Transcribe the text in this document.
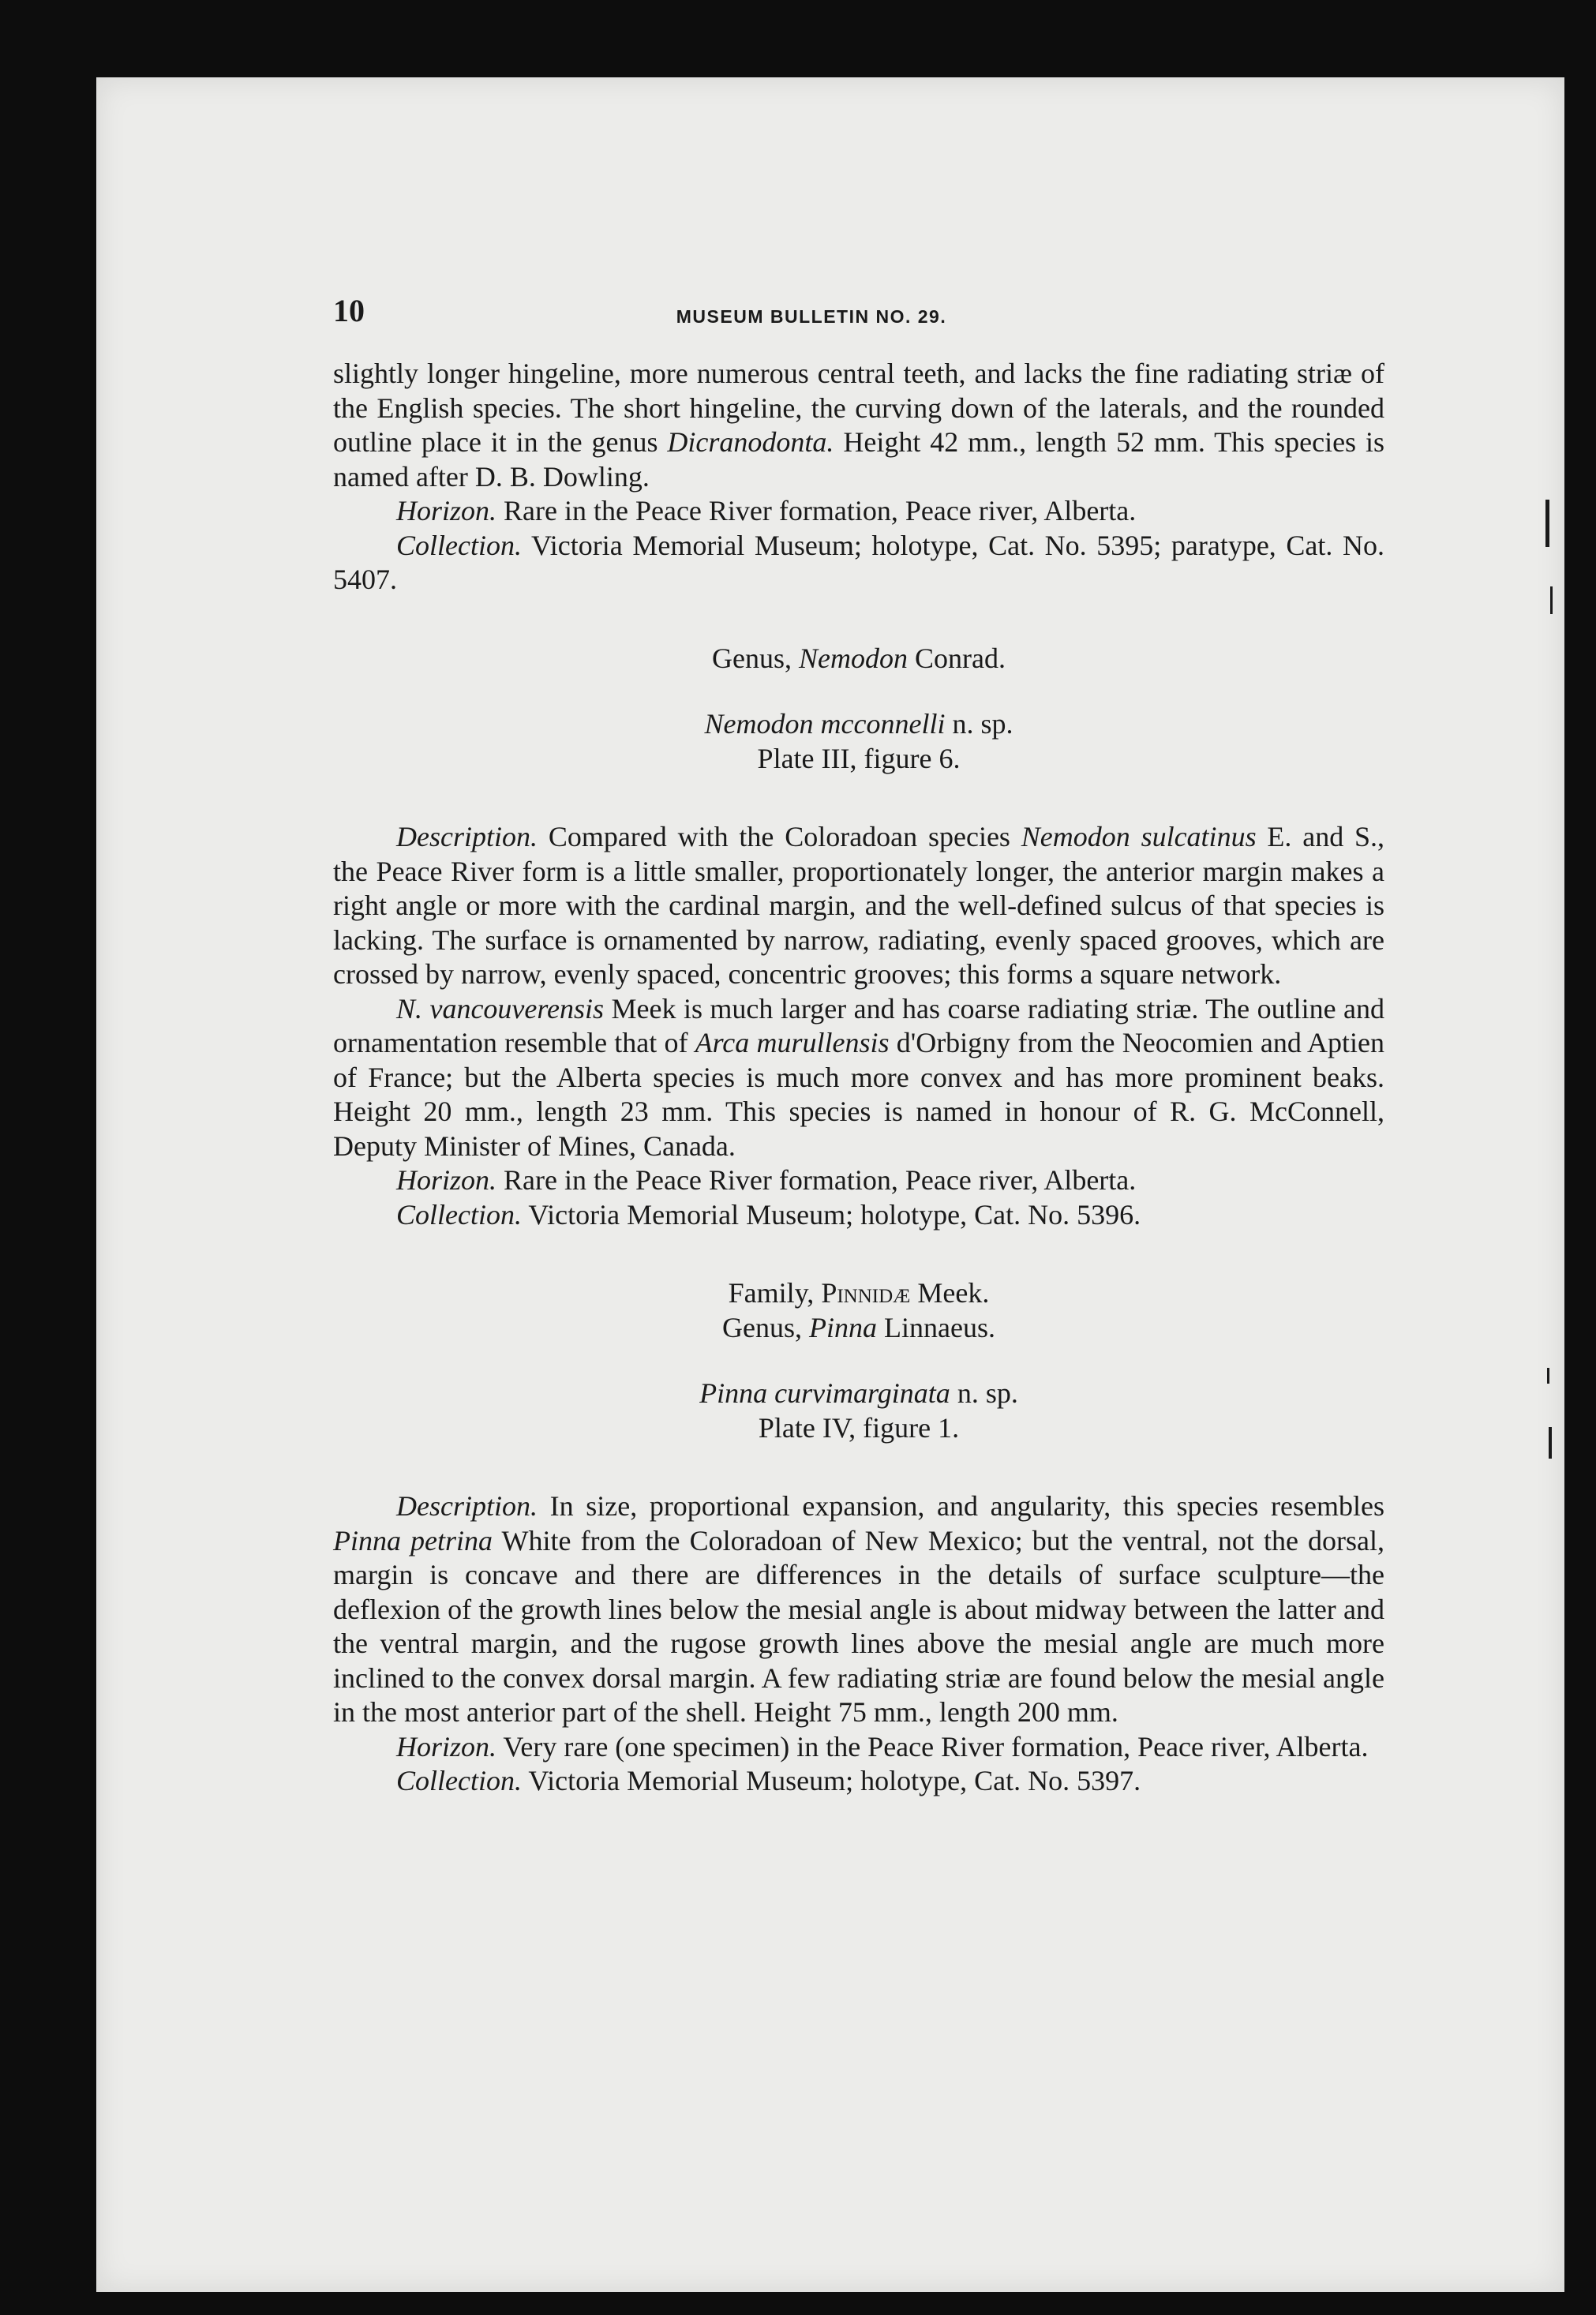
10	MUSEUM BULLETIN NO. 29.

slightly longer hingeline, more numerous central teeth, and lacks the fine radiating striæ of the English species. The short hingeline, the curving down of the laterals, and the rounded outline place it in the genus Dicranodonta. Height 42 mm., length 52 mm. This species is named after D. B. Dowling.

Horizon. Rare in the Peace River formation, Peace river, Alberta.

Collection. Victoria Memorial Museum; holotype, Cat. No. 5395; paratype, Cat. No. 5407.

Genus, Nemodon Conrad.

Nemodon mcconnelli n. sp.

Plate III, figure 6.

Description. Compared with the Coloradoan species Nemodon sulcatinus E. and S., the Peace River form is a little smaller, proportionately longer, the anterior margin makes a right angle or more with the cardinal margin, and the well-defined sulcus of that species is lacking. The surface is ornamented by narrow, radiating, evenly spaced grooves, which are crossed by narrow, evenly spaced, concentric grooves; this forms a square network.

N. vancouverensis Meek is much larger and has coarse radiating striæ. The outline and ornamentation resemble that of Arca murullensis d'Orbigny from the Neocomien and Aptien of France; but the Alberta species is much more convex and has more prominent beaks. Height 20 mm., length 23 mm. This species is named in honour of R. G. McConnell, Deputy Minister of Mines, Canada.

Horizon. Rare in the Peace River formation, Peace river, Alberta.

Collection. Victoria Memorial Museum; holotype, Cat. No. 5396.

Family, Pinnidæ Meek.

Genus, Pinna Linnaeus.

Pinna curvimarginata n. sp.

Plate IV, figure 1.

Description. In size, proportional expansion, and angularity, this species resembles Pinna petrina White from the Coloradoan of New Mexico; but the ventral, not the dorsal, margin is concave and there are differences in the details of surface sculpture—the deflexion of the growth lines below the mesial angle is about midway between the latter and the ventral margin, and the rugose growth lines above the mesial angle are much more inclined to the convex dorsal margin. A few radiating striæ are found below the mesial angle in the most anterior part of the shell. Height 75 mm., length 200 mm.

Horizon. Very rare (one specimen) in the Peace River formation, Peace river, Alberta.

Collection. Victoria Memorial Museum; holotype, Cat. No. 5397.
